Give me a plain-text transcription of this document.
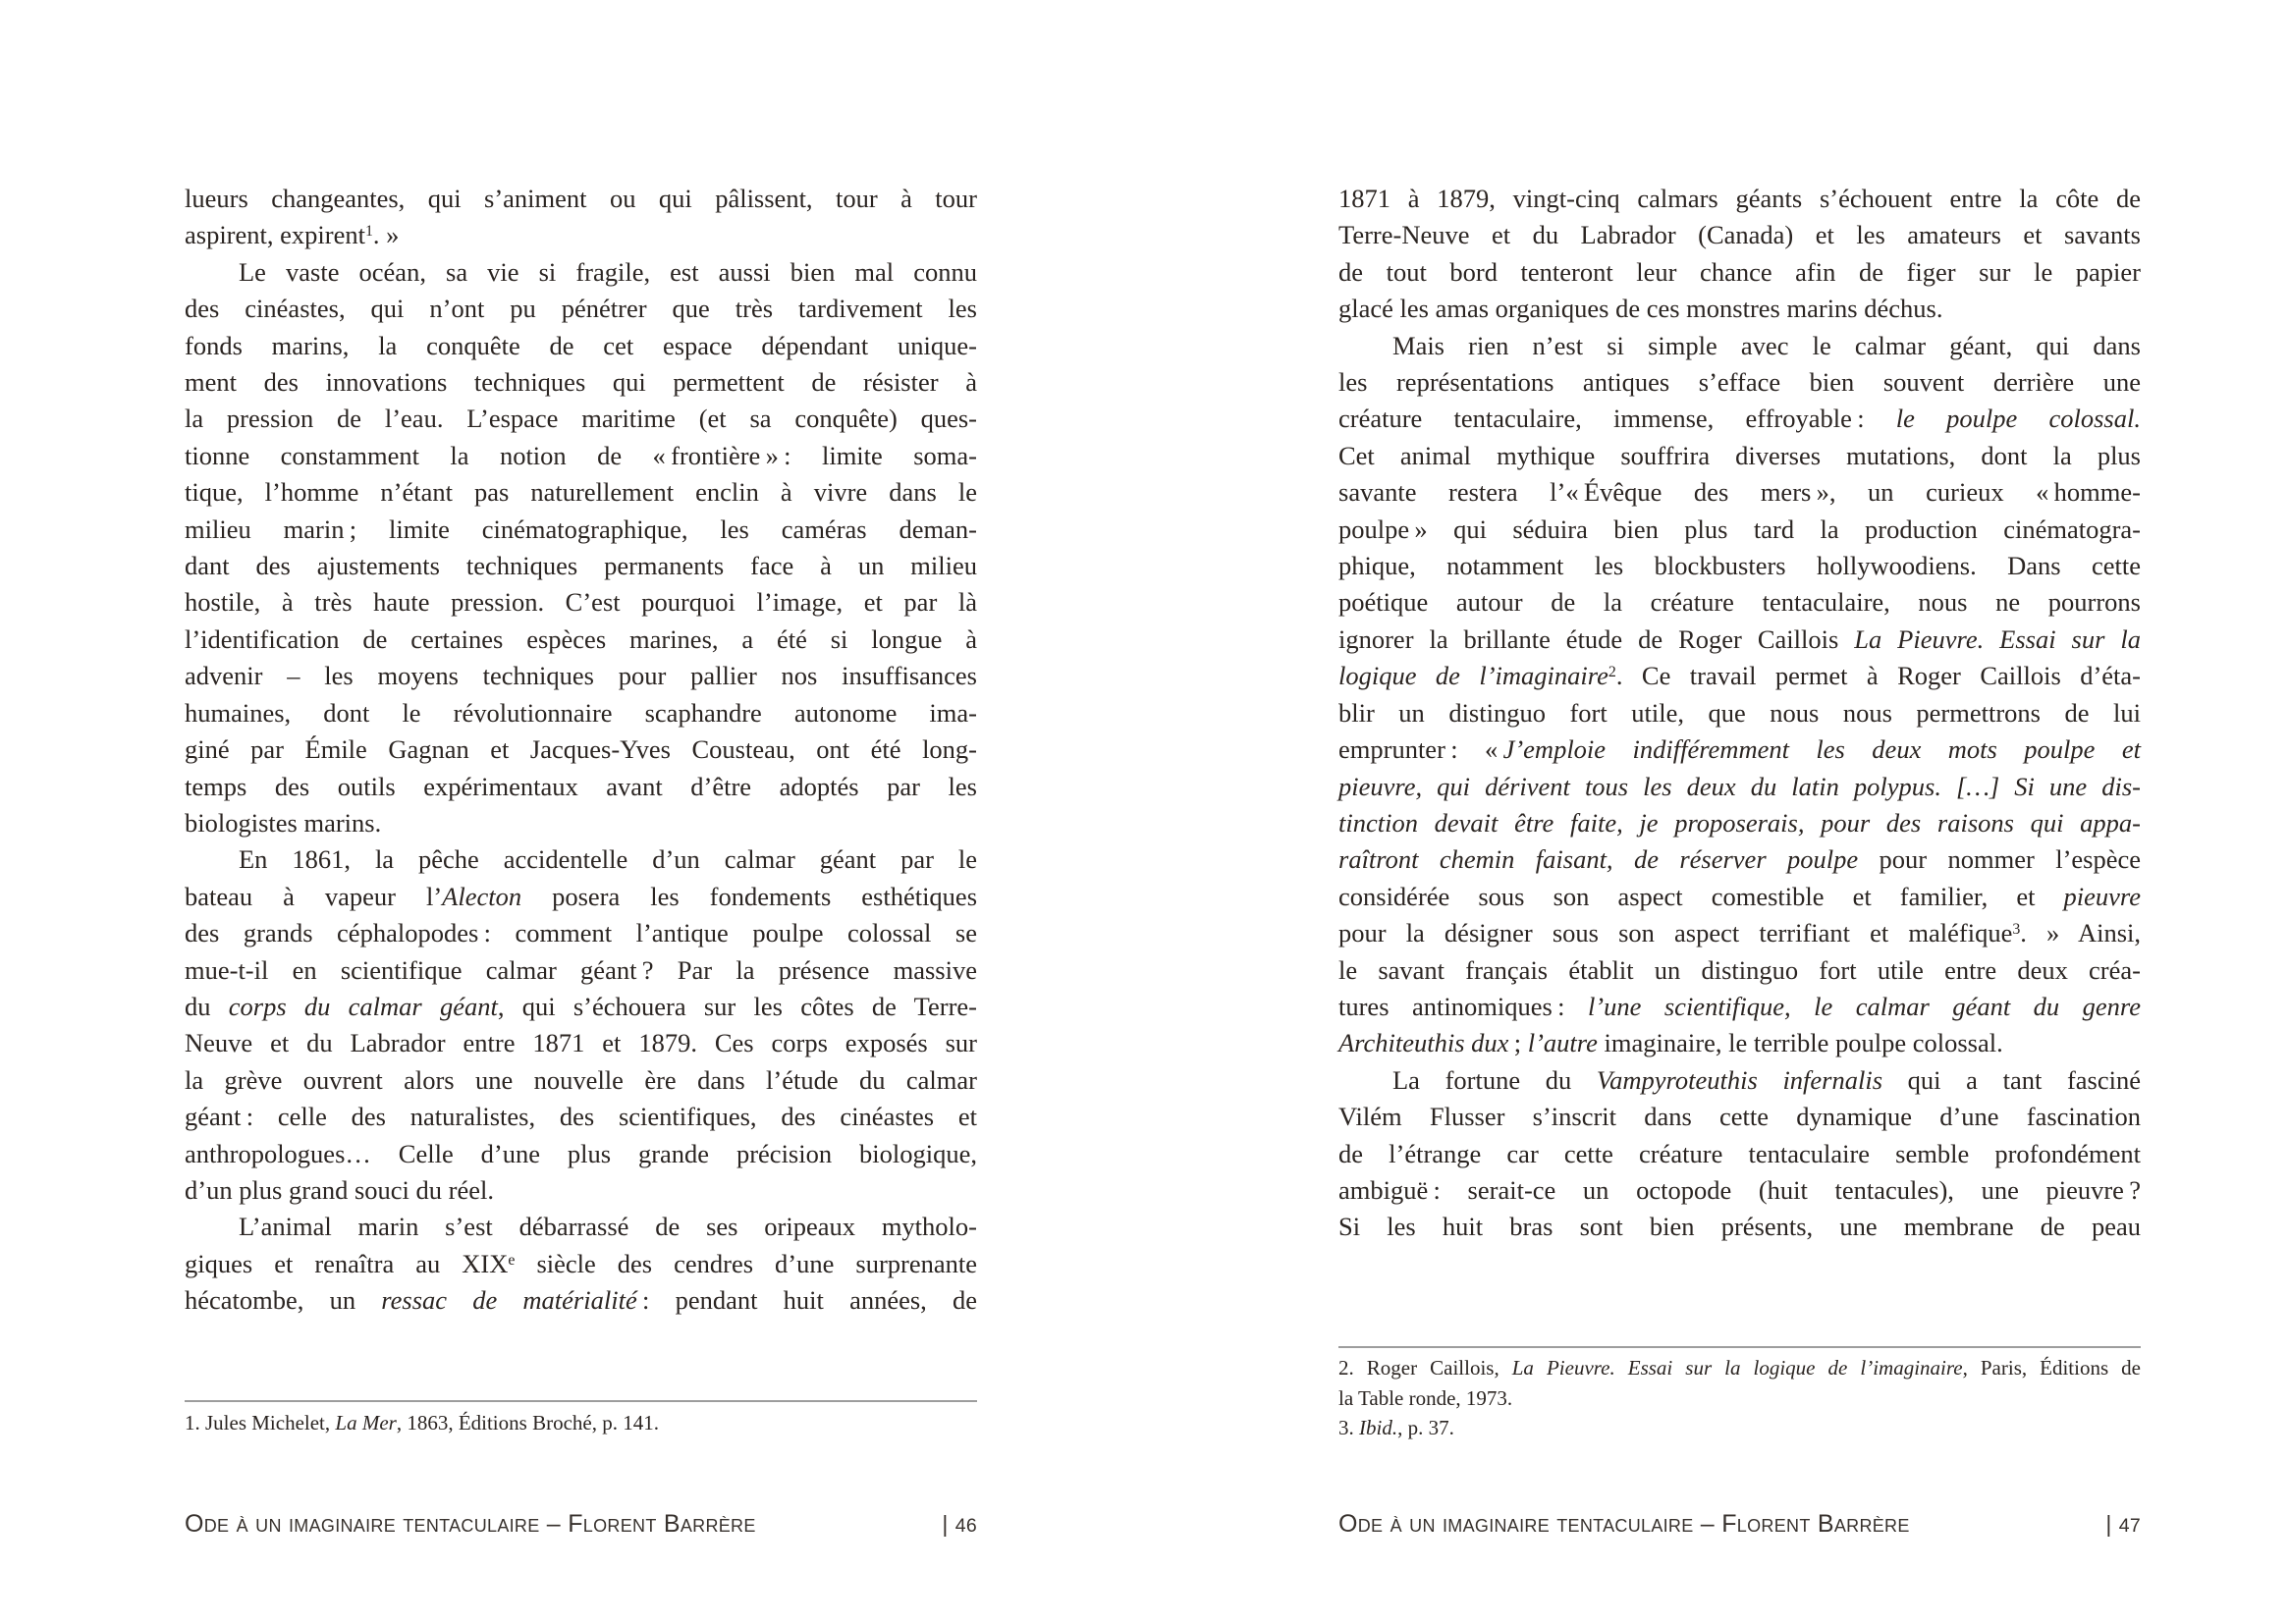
lueurs changeantes, qui s’animent ou qui pâlissent, tour à tour
aspirent, expirent$^1$. »
Le vaste océan, sa vie si fragile, est aussi bien mal connu
des cinéastes, qui n’ont pu pénétrer que très tardivement les
fonds marins, la conquête de cet espace dépendant unique-
ment des innovations techniques qui permettent de résister à
la pression de l’eau. L’espace maritime (et sa conquête) ques-
tionne constamment la notion de « frontière » : limite soma-
tique, l’homme n’étant pas naturellement enclin à vivre dans le
milieu marin ; limite cinématographique, les caméras deman-
dant des ajustements techniques permanents face à un milieu
hostile, à très haute pression. C’est pourquoi l’image, et par là
l’identification de certaines espèces marines, a été si longue à
advenir – les moyens techniques pour pallier nos insuffisances
humaines, dont le révolutionnaire scaphandre autonome ima-
giné par Émile Gagnan et Jacques-Yves Cousteau, ont été long-
temps des outils expérimentaux avant d’être adoptés par les
biologistes marins.
En 1861, la pêche accidentelle d’un calmar géant par le
bateau à vapeur l’Alecton posera les fondements esthétiques
des grands céphalopodes : comment l’antique poulpe colossal se
mue-t-il en scientifique calmar géant ? Par la présence massive
du corps du calmar géant, qui s’échouera sur les côtes de Terre-
Neuve et du Labrador entre 1871 et 1879. Ces corps exposés sur
la grève ouvrent alors une nouvelle ère dans l’étude du calmar
géant : celle des naturalistes, des scientifiques, des cinéastes et
anthropologues… Celle d’une plus grande précision biologique,
d’un plus grand souci du réel.
L’animal marin s’est débarrassé de ses oripeaux mytholo-
giques et renaîtra au XIXe siècle des cendres d’une surprenante
hécatombe, un ressac de matérialité : pendant huit années, de
1. Jules Michelet, La Mer, 1863, Éditions Broché, p. 141.
Ode à un imaginaire tentaculaire – Florent Barrère	| 46
1871 à 1879, vingt-cinq calmars géants s’échouent entre la côte de
Terre-Neuve et du Labrador (Canada) et les amateurs et savants
de tout bord tenteront leur chance afin de figer sur le papier
glacé les amas organiques de ces monstres marins déchus.
Mais rien n’est si simple avec le calmar géant, qui dans
les représentations antiques s’efface bien souvent derrière une
créature tentaculaire, immense, effroyable : le poulpe colossal.
Cet animal mythique souffrira diverses mutations, dont la plus
savante restera l’« Évêque des mers », un curieux « homme-
poulpe » qui séduira bien plus tard la production cinématogra-
phique, notamment les blockbusters hollywoodiens. Dans cette
poétique autour de la créature tentaculaire, nous ne pourrons
ignorer la brillante étude de Roger Caillois La Pieuvre. Essai sur la
logique de l’imaginaire$^2$. Ce travail permet à Roger Caillois d’éta-
blir un distinguo fort utile, que nous nous permettrons de lui
emprunter : « J’emploie indifféremment les deux mots poulpe et
pieuvre, qui dérivent tous les deux du latin polypus. […] Si une dis-
tinction devait être faite, je proposerais, pour des raisons qui appa-
raîtront chemin faisant, de réserver poulpe pour nommer l’espèce
considérée sous son aspect comestible et familier, et pieuvre
pour la désigner sous son aspect terrifiant et maléfique$^3$. » Ainsi,
le savant français établit un distinguo fort utile entre deux créa-
tures antinomiques : l’une scientifique, le calmar géant du genre
Architeuthis dux ; l’autre imaginaire, le terrible poulpe colossal.
La fortune du Vampyroteuthis infernalis qui a tant fasciné
Vilém Flusser s’inscrit dans cette dynamique d’une fascination
de l’étrange car cette créature tentaculaire semble profondément
ambiguë : serait-ce un octopode (huit tentacules), une pieuvre ?
Si les huit bras sont bien présents, une membrane de peau
2. Roger Caillois, La Pieuvre. Essai sur la logique de l’imaginaire, Paris, Éditions de
la Table ronde, 1973.
3. Ibid., p. 37.
Ode à un imaginaire tentaculaire – Florent Barrère	| 47
